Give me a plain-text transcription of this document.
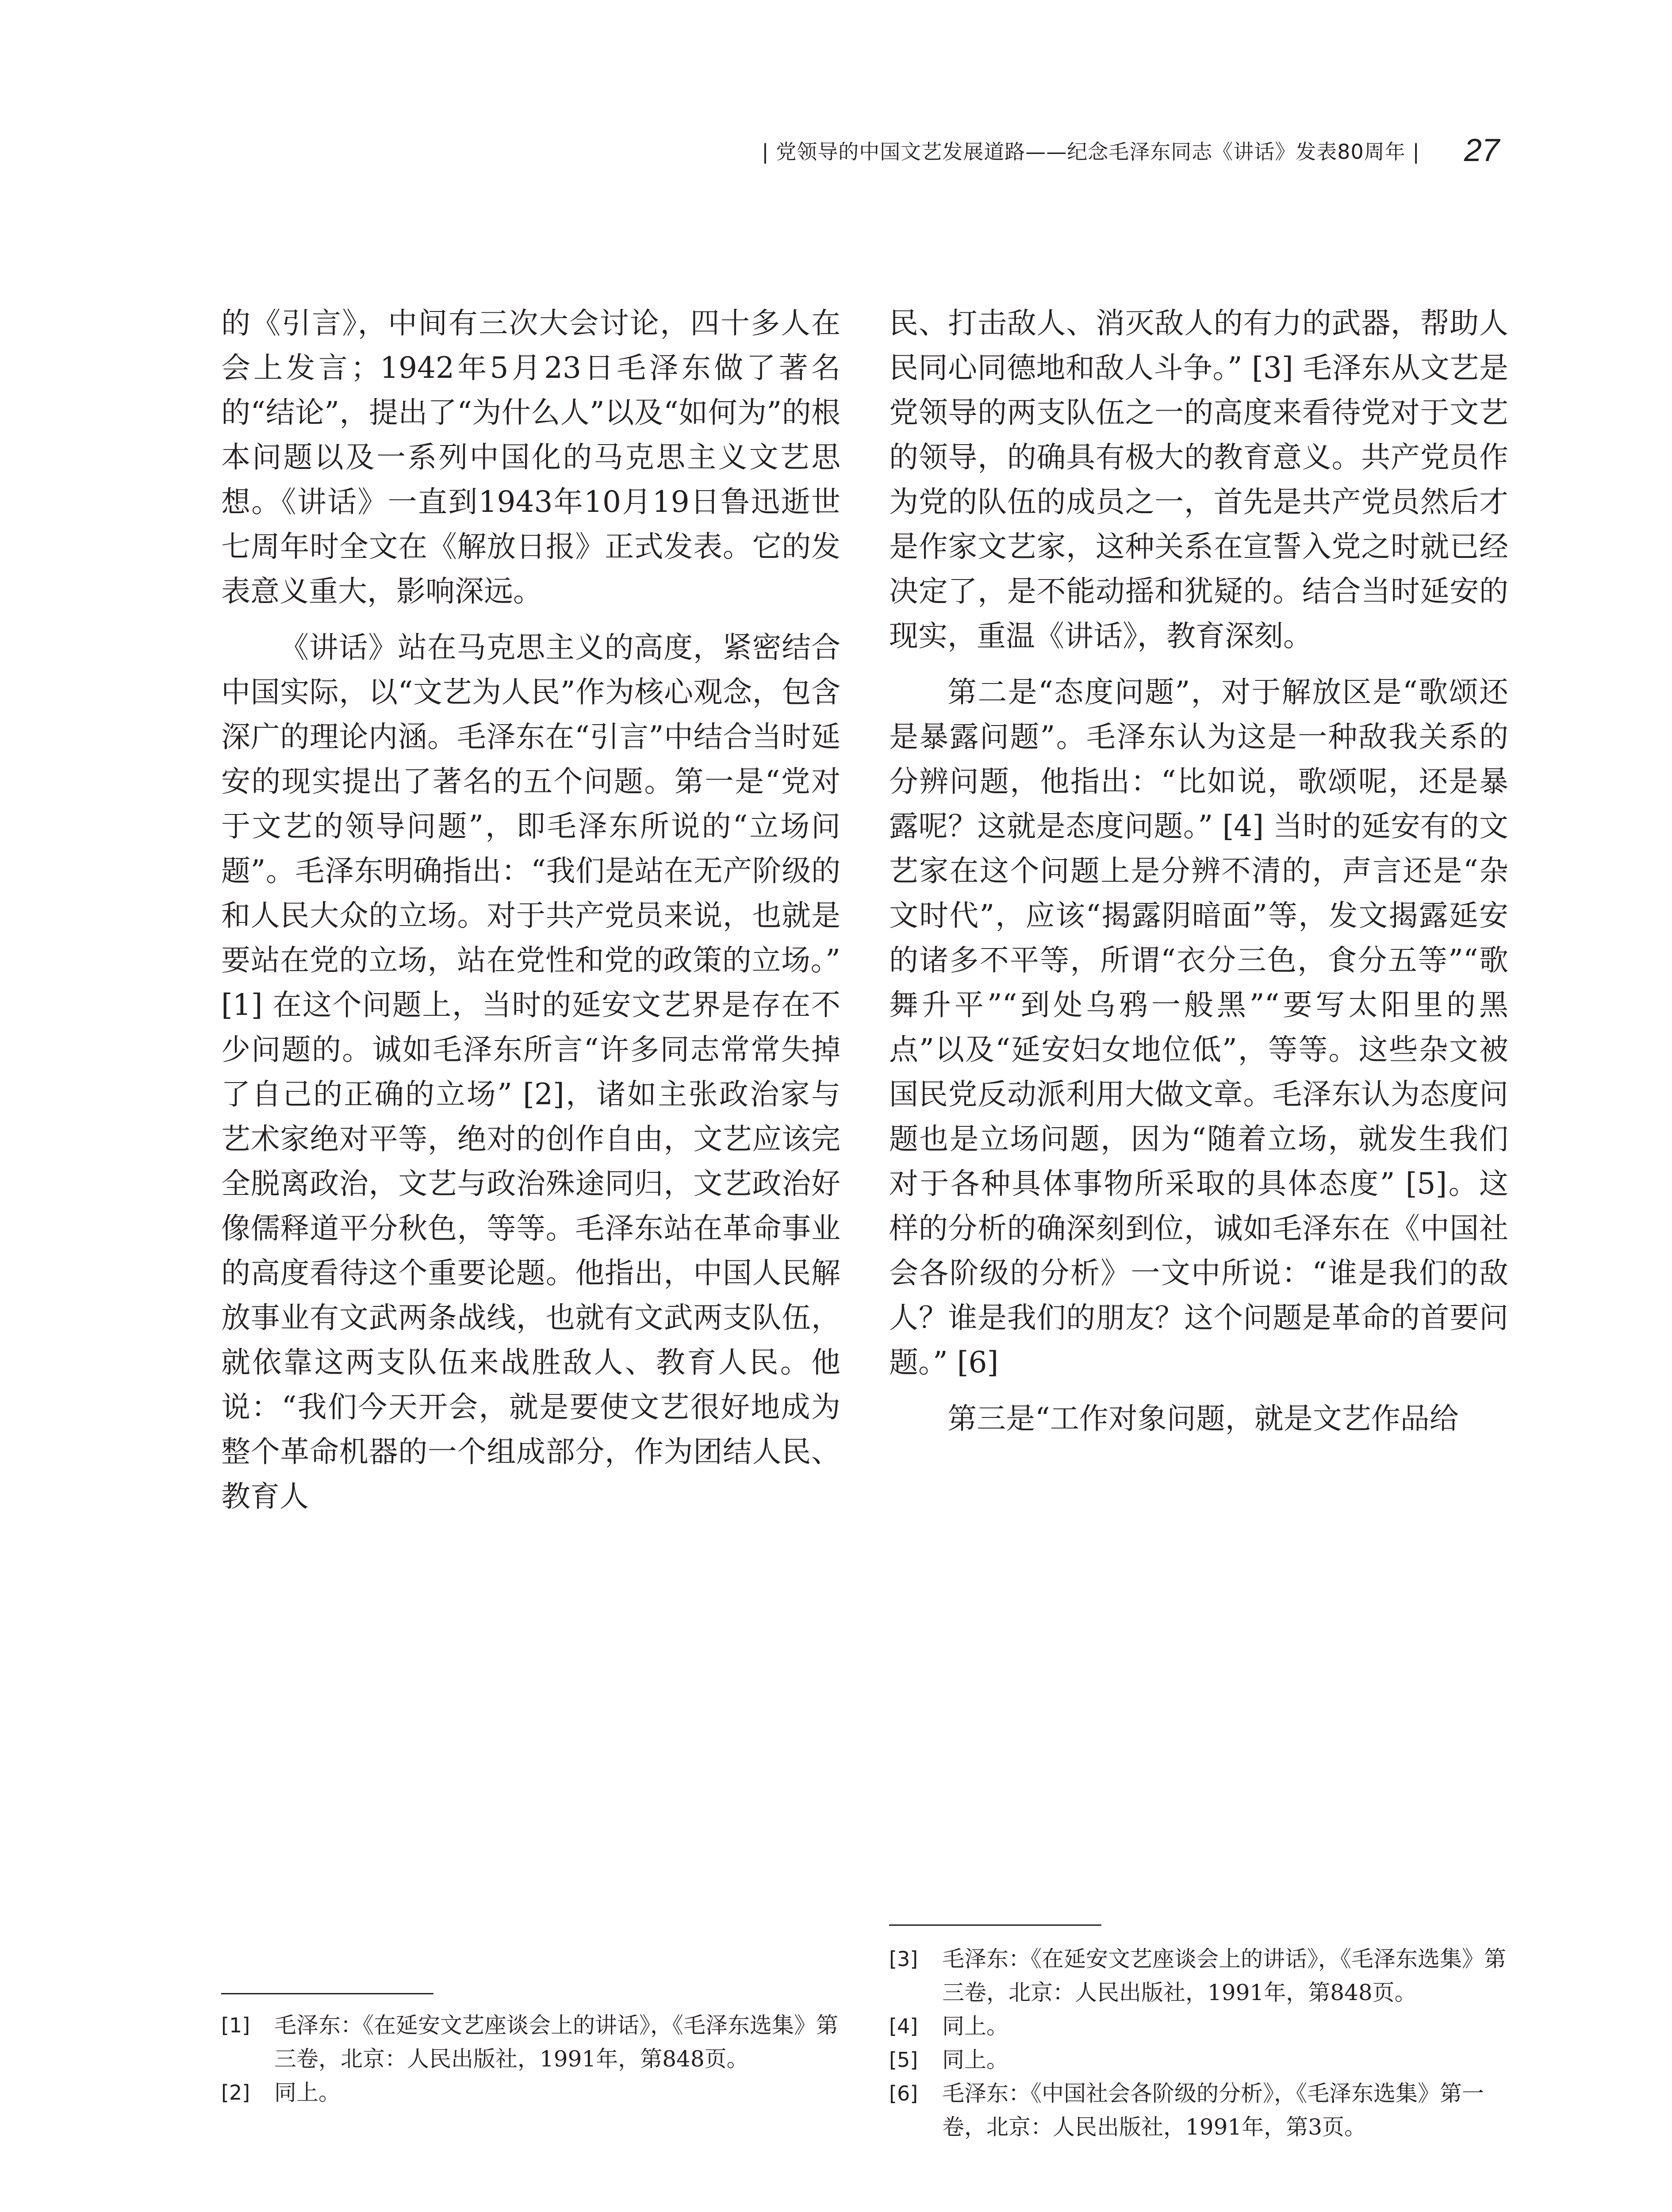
| 党领导的中国文艺发展道路——纪念毛泽东同志《讲话》发表80周年 | 27

的《引言》，中间有三次大会讨论，四十多人在会上发言；1942年5月23日毛泽东做了著名的“结论”，提出了“为什么人”以及“如何为”的根本问题以及一系列中国化的马克思主义文艺思想。《讲话》一直到1943年10月19日鲁迅逝世七周年时全文在《解放日报》正式发表。它的发表意义重大，影响深远。

《讲话》站在马克思主义的高度，紧密结合中国实际，以“文艺为人民”作为核心观念，包含深广的理论内涵。毛泽东在“引言”中结合当时延安的现实提出了著名的五个问题。第一是“党对于文艺的领导问题”，即毛泽东所说的“立场问题”。毛泽东明确指出：“我们是站在无产阶级的和人民大众的立场。对于共产党员来说，也就是要站在党的立场，站在党性和党的政策的立场。” [1] 在这个问题上，当时的延安文艺界是存在不少问题的。诚如毛泽东所言“许多同志常常失掉了自己的正确的立场” [2]，诸如主张政治家与艺术家绝对平等，绝对的创作自由，文艺应该完全脱离政治，文艺与政治殊途同归，文艺政治好像儒释道平分秋色，等等。毛泽东站在革命事业的高度看待这个重要论题。他指出，中国人民解放事业有文武两条战线，也就有文武两支队伍，就依靠这两支队伍来战胜敌人、教育人民。他说：“我们今天开会，就是要使文艺很好地成为整个革命机器的一个组成部分，作为团结人民、教育人

民、打击敌人、消灭敌人的有力的武器，帮助人民同心同德地和敌人斗争。” [3] 毛泽东从文艺是党领导的两支队伍之一的高度来看待党对于文艺的领导，的确具有极大的教育意义。共产党员作为党的队伍的成员之一，首先是共产党员然后才是作家文艺家，这种关系在宣誓入党之时就已经决定了，是不能动摇和犹疑的。结合当时延安的现实，重温《讲话》，教育深刻。

第二是“态度问题”，对于解放区是“歌颂还是暴露问题”。毛泽东认为这是一种敌我关系的分辨问题，他指出：“比如说，歌颂呢，还是暴露呢？这就是态度问题。” [4] 当时的延安有的文艺家在这个问题上是分辨不清的，声言还是“杂文时代”，应该“揭露阴暗面”等，发文揭露延安的诸多不平等，所谓“衣分三色，食分五等”“歌舞升平”“到处乌鸦一般黑”“要写太阳里的黑点”以及“延安妇女地位低”，等等。这些杂文被国民党反动派利用大做文章。毛泽东认为态度问题也是立场问题，因为“随着立场，就发生我们对于各种具体事物所采取的具体态度” [5]。这样的分析的确深刻到位，诚如毛泽东在《中国社会各阶级的分析》一文中所说：“谁是我们的敌人？谁是我们的朋友？这个问题是革命的首要问题。” [6]

第三是“工作对象问题，就是文艺作品给

[1]	毛泽东：《在延安文艺座谈会上的讲话》，《毛泽东选集》第三卷，北京：人民出版社，1991年，第848页。
[2]	同上。
[3]	毛泽东：《在延安文艺座谈会上的讲话》，《毛泽东选集》第三卷，北京：人民出版社，1991年，第848页。
[4]	同上。
[5]	同上。
[6]	毛泽东：《中国社会各阶级的分析》，《毛泽东选集》第一卷，北京：人民出版社，1991年，第3页。
